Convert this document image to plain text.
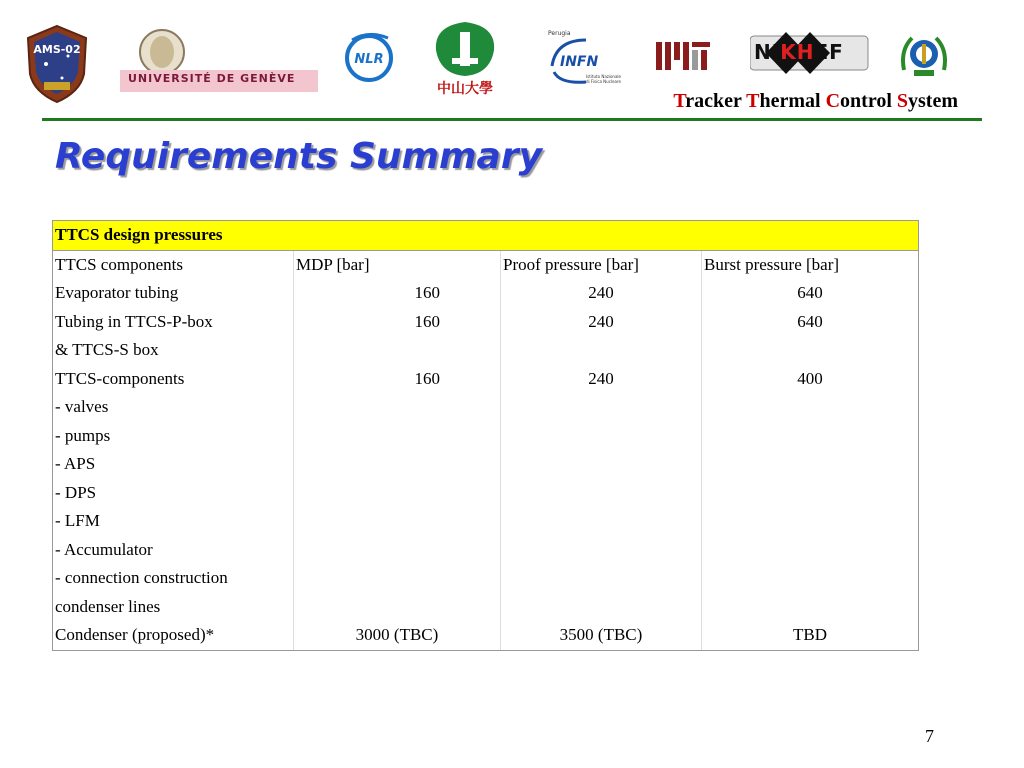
AMS-02
UNIVERSITÉ DE GENÈVE
NLR
中山大學
Perugia
INFN
Istituto Nazionale
di Fisica Nucleare
NIKHEF
Tracker Thermal Control System
Requirements Summary
TTCS design pressures			
TTCS components	MDP [bar]	Proof pressure [bar]	Burst pressure [bar]
Evaporator tubing	160	240	640
Tubing in TTCS-P-box	160	240	640
& TTCS-S box			
TTCS-components	160	240	400
- valves			
- pumps			
- APS			
- DPS			
- LFM			
- Accumulator			
- connection construction			
condenser lines			
Condenser (proposed)*	3000 (TBC)	3500 (TBC)	TBD
7
